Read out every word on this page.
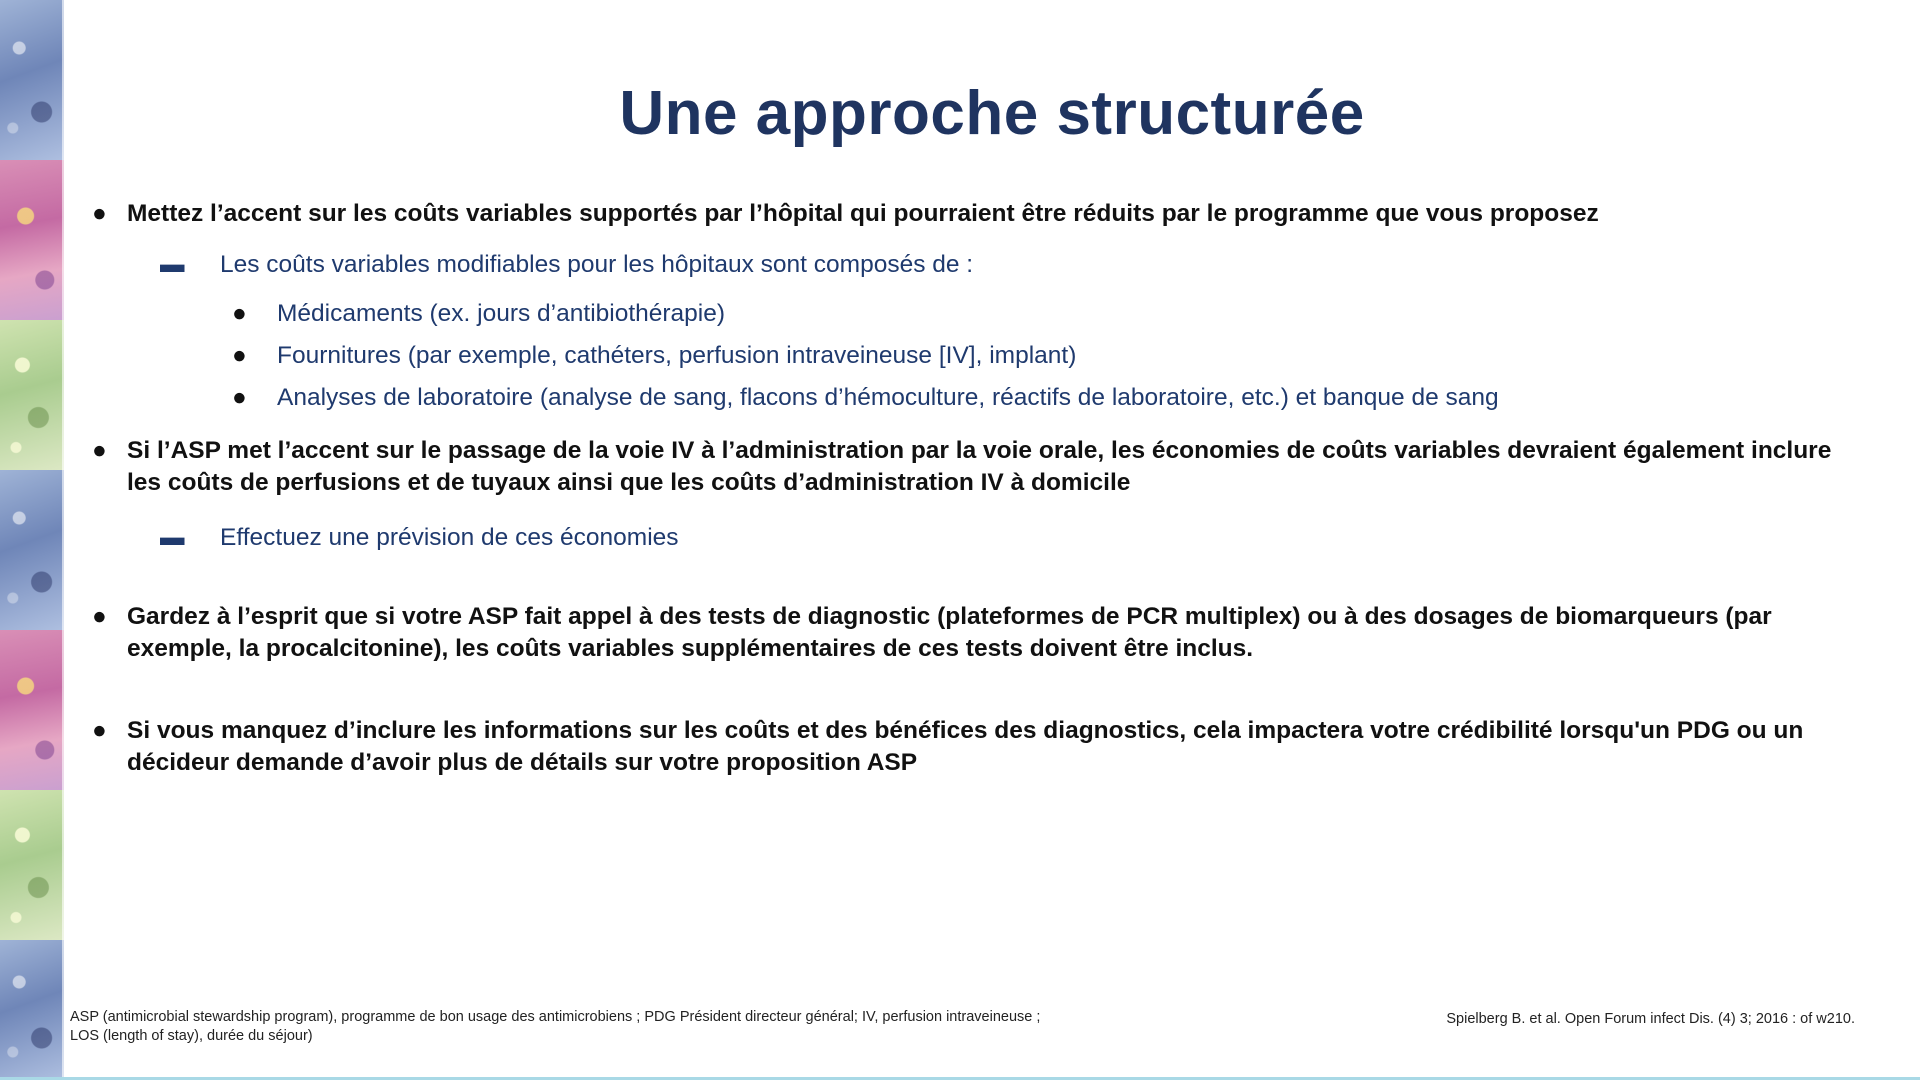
Une approche structurée
● Mettez l’accent sur les coûts variables supportés par l’hôpital qui pourraient être réduits par le programme que vous proposez
▬ Les coûts variables modifiables pour les hôpitaux sont composés de :
● Médicaments (ex. jours d’antibiothérapie)
● Fournitures (par exemple, cathéters, perfusion intraveineuse [IV], implant)
● Analyses de laboratoire (analyse de sang, flacons d’hémoculture, réactifs de laboratoire, etc.) et banque de sang
● Si l’ASP met l’accent sur le passage de la voie IV à l’administration par la voie orale, les économies de coûts variables devraient également inclure les coûts de perfusions et de tuyaux ainsi que les coûts d’administration IV à domicile
▬ Effectuez une prévision de ces économies
● Gardez à l’esprit que si votre ASP fait appel à des tests de diagnostic (plateformes de PCR multiplex) ou à des dosages de biomarqueurs (par exemple, la procalcitonine), les coûts variables supplémentaires de ces tests doivent être inclus.
● Si vous manquez d’inclure les informations sur les coûts et des bénéfices des diagnostics, cela impactera votre crédibilité lorsqu'un PDG ou un décideur demande d’avoir plus de détails sur votre proposition ASP
ASP (antimicrobial stewardship program), programme de bon usage des antimicrobiens ; PDG Président directeur général; IV, perfusion intraveineuse ;
LOS (length of stay), durée du séjour)
Spielberg B. et al. Open Forum infect Dis. (4) 3; 2016 : of w210.
